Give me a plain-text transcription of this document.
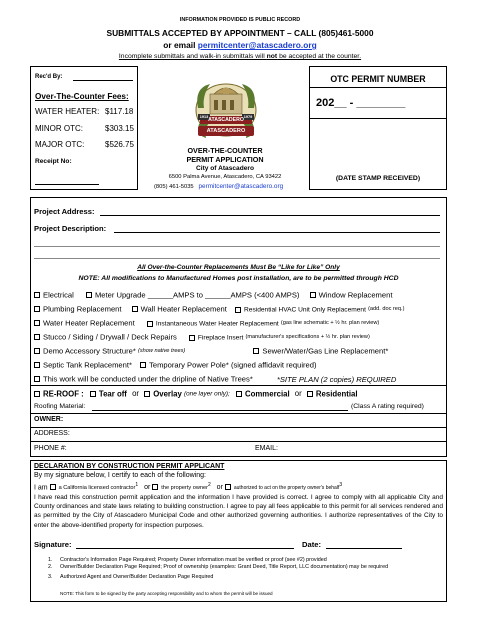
INFORMATION PROVIDED IS PUBLIC RECORD
SUBMITTALS ACCEPTED BY APPOINTMENT – CALL (805)461-5000
or email permitcenter@atascadero.org
Incomplete submittals and walk-in submittals will not be accepted at the counter.
Rec'd By:
Over-The-Counter Fees:
WATER HEATER: $117.18
MINOR OTC:	$303.15
MAJOR OTC:	$526.75
Receipt No:
1913	1979
ATASCADERO
ATASCADERO
OVER-THE-COUNTER
PERMIT APPLICATION
City of Atascadero
6500 Palma Avenue, Atascadero, CA 93422
(805) 461-5035 permitcenter@atascadero.org
OTC PERMIT NUMBER
202__ - ________
(DATE STAMP RECEIVED)
Project Address:
Project Description:
All Over-the-Counter Replacements Must Be “Like for Like” Only
NOTE: All modifications to Manufactured Homes post installation, are to be permitted through HCD
Electrical	Meter Upgrade ______AMPS to ______AMPS (<400 AMPS)	Window Replacement
Plumbing Replacement	Wall Heater Replacement	Residential HVAC Unit Only Replacement (add. doc req.)
Water Heater Replacement	Instantaneous Water Heater Replacement (gas line schematic + ½ hr. plan review)
Stucco / Siding / Drywall / Deck Repairs	Fireplace Insert (manufacturer's specifications + ½ hr. plan review)
Demo Accessory Structure* (show native trees)	Sewer/Water/Gas Line Replacement*
Septic Tank Replacement* Temporary Power Pole* (signed affidavit required)
This work will be conducted under the dripline of Native Trees*	*SITE PLAN (2 copies) REQUIRED
RE-ROOF : Tear off or Overlay (one layer only); Commercial or Residential
Roofing Material:	(Class A rating required)
OWNER:
ADDRESS:
PHONE #:	EMAIL:
DECLARATION BY CONSTRUCTION PERMIT APPLICANT
By my signature below, I certify to each of the following:
I am a California licensed contractor$^1$ or the property owner$^2$ or authorized to act on the property owner's behalf$^3$
I have read this construction permit application and the information I have provided is correct. I agree to comply with all applicable City and County ordinances and state laws relating to building construction. I agree to pay all fees applicable to this permit for all services rendered and as permitted by the City of Atascadero Municipal Code and other authorized governing authorities. I authorize representatives of the City to enter the above-identified property for inspection purposes.
Signature:	Date:
1.	Contractor's Information Page Required; Property Owner information must be verified or proof (see #2) provided
2.	Owner/Builder Declaration Page Required; Proof of ownership (examples: Grant Deed, Title Report, LLC documentation) may be required
3.	Authorized Agent and Owner/Builder Declaration Page Required
NOTE: This form to be signed by the party accepting responsibility and to whom the permit will be issued
